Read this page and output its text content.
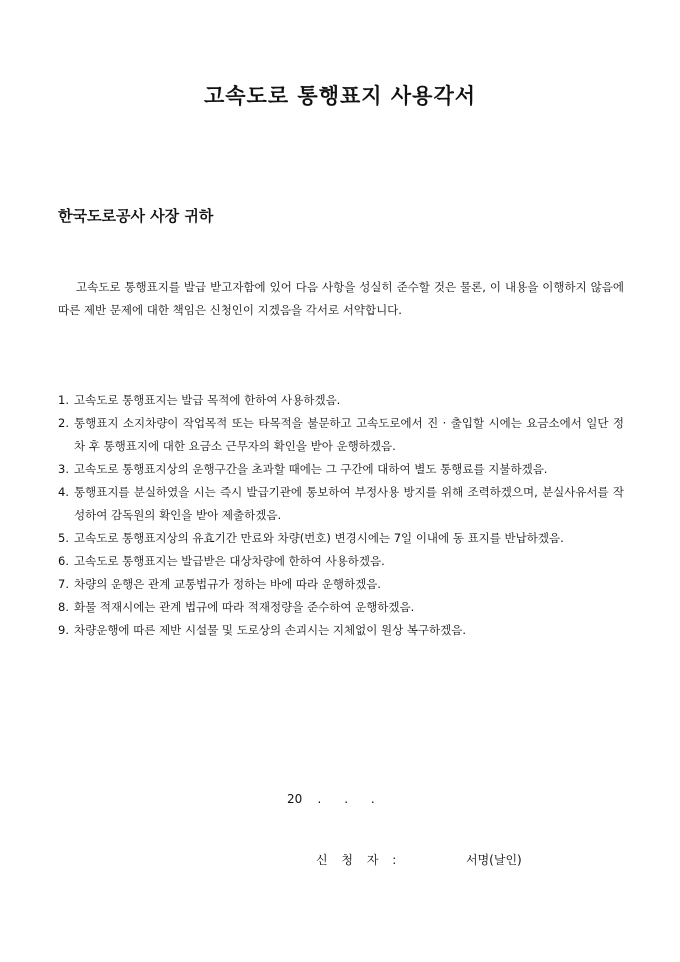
고속도로 통행표지 사용각서
한국도로공사 사장 귀하

고속도로 통행표지를 발급 받고자함에 있어 다음 사항을 성실히 준수할 것은 물론, 이 내용을 이행하지 않음에 따른 제반 문제에 대한 책임은 신청인이 지겠음을 각서로 서약합니다.

1. 고속도로 통행표지는 발급 목적에 한하여 사용하겠음.
2. 통행표지 소지차량이 작업목적 또는 타목적을 불문하고 고속도로에서 진 · 출입할 시에는 요금소에서 일단 정차 후 통행표지에 대한 요금소 근무자의 확인을 받아 운행하겠음.
3. 고속도로 통행표지상의 운행구간을 초과할 때에는 그 구간에 대하여 별도 통행료를 지불하겠음.
4. 통행표지를 분실하였을 시는 즉시 발급기관에 통보하여 부정사용 방지를 위해 조력하겠으며, 분실사유서를 작성하여 감독원의 확인을 받아 제출하겠음.
5. 고속도로 통행표지상의 유효기간 만료와 차량(번호) 변경시에는 7일 이내에 동 표지를 반납하겠음.
6. 고속도로 통행표지는 발급받은 대상차량에 한하여 사용하겠음.
7. 차량의 운행은 관계 교통법규가 정하는 바에 따라 운행하겠음.
8. 화물 적재시에는 관계 법규에 따라 적재정량을 준수하여 운행하겠음.
9. 차량운행에 따른 제반 시설물 및 도로상의 손괴시는 지체없이 원상 복구하겠음.
20    .      .      .
신 청 자 :	서명(날인)
